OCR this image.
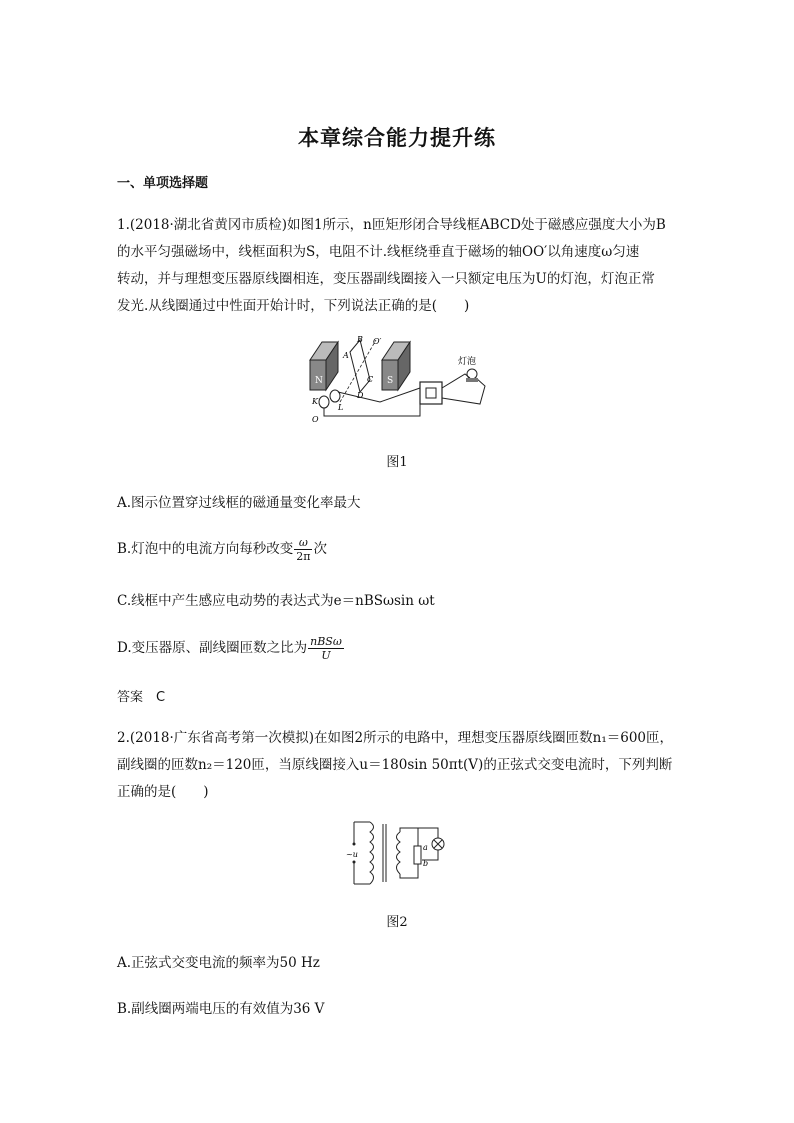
本章综合能力提升练
一、单项选择题
1.(2018·湖北省黄冈市质检)如图1所示，n匝矩形闭合导线框ABCD处于磁感应强度大小为B
的水平匀强磁场中，线框面积为S，电阻不计.线框绕垂直于磁场的轴OO′以角速度ω匀速
转动，并与理想变压器原线圈相连，变压器副线圈接入一只额定电压为U的灯泡，灯泡正常
发光.从线圈通过中性面开始计时，下列说法正确的是(　　)
N	S
A
B
C
D
O′
K
L
O
灯泡
图1
A.图示位置穿过线框的磁通量变化率最大
B.灯泡中的电流方向每秒改变 $\frac{\omega}{2\pi}$ 次
C.线框中产生感应电动势的表达式为e＝nBSωsin ωt
D.变压器原、副线圈匝数之比为 $\frac{\text{nBSω}}{U}$
答案　C
2.(2018·广东省高考第一次模拟)在如图2所示的电路中，理想变压器原线圈匝数n₁＝600匝，
副线圈的匝数n₂＝120匝，当原线圈接入u＝180sin 50πt(V)的正弦式交变电流时，下列判断
正确的是(　　)
~u
a
b
图2
A.正弦式交变电流的频率为50 Hz
B.副线圈两端电压的有效值为36 V
